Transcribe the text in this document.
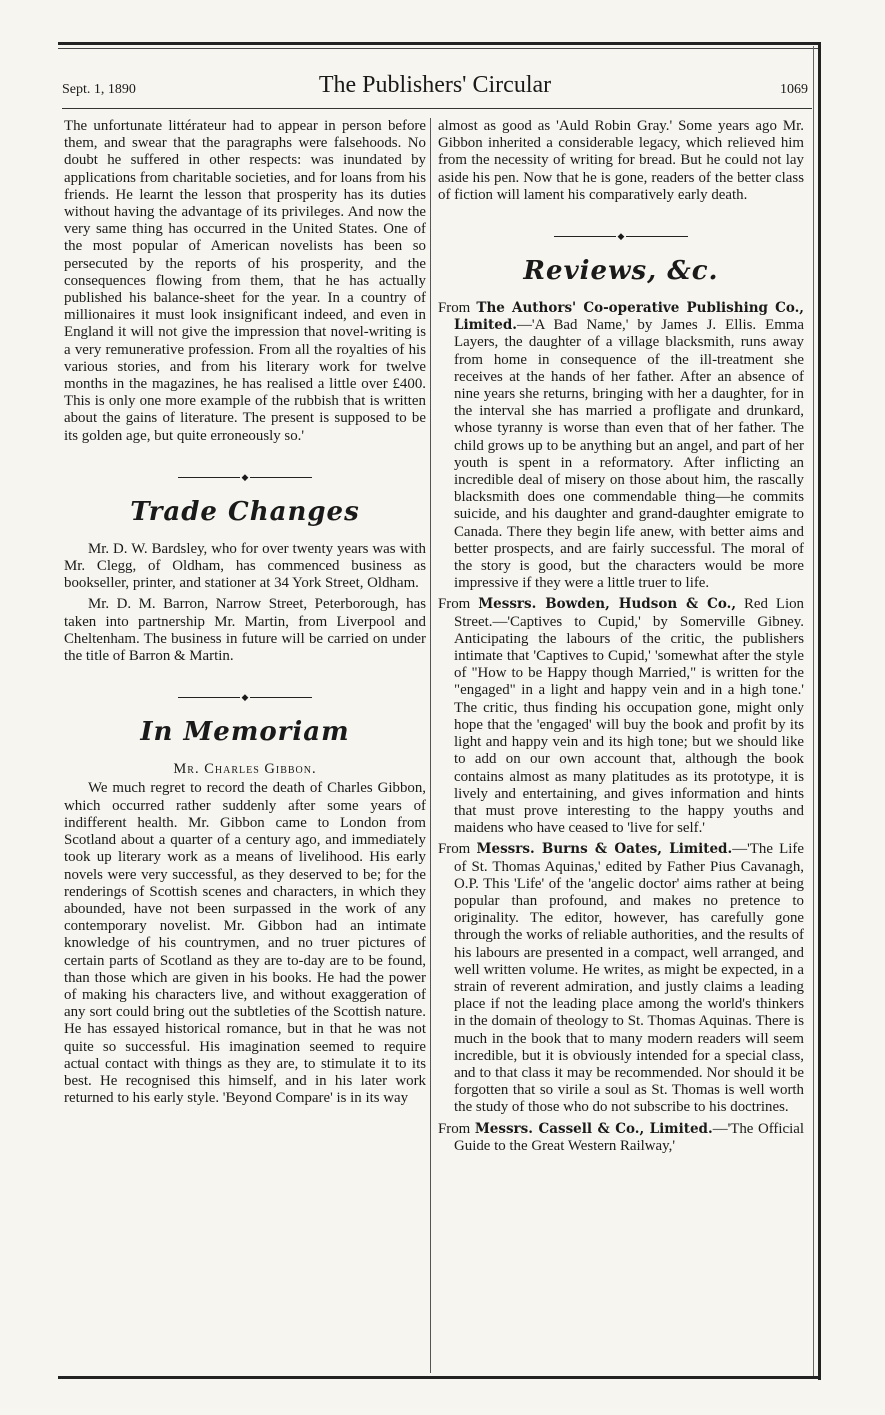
Sept. 1, 1890	The Publishers' Circular	1069

The unfortunate littérateur had to appear in person before them, and swear that the paragraphs were falsehoods. No doubt he suffered in other respects: was inundated by applications from charitable societies, and for loans from his friends. He learnt the lesson that prosperity has its duties without having the advantage of its privileges. And now the very same thing has occurred in the United States. One of the most popular of American novelists has been so persecuted by the reports of his prosperity, and the consequences flowing from them, that he has actually published his balance-sheet for the year. In a country of millionaires it must look insignificant indeed, and even in England it will not give the impression that novel-writing is a very remunerative profession. From all the royalties of his various stories, and from his literary work for twelve months in the magazines, he has realised a little over £400. This is only one more example of the rubbish that is written about the gains of literature. The present is supposed to be its golden age, but quite erroneously so.'

◆
Trade Changes

Mr. D. W. Bardsley, who for over twenty years was with Mr. Clegg, of Oldham, has commenced business as bookseller, printer, and stationer at 34 York Street, Oldham.

Mr. D. M. Barron, Narrow Street, Peterborough, has taken into partnership Mr. Martin, from Liverpool and Cheltenham. The business in future will be carried on under the title of Barron & Martin.

◆
In Memoriam
Mr. Charles Gibbon.

We much regret to record the death of Charles Gibbon, which occurred rather suddenly after some years of indifferent health. Mr. Gibbon came to London from Scotland about a quarter of a century ago, and immediately took up literary work as a means of livelihood. His early novels were very successful, as they deserved to be; for the renderings of Scottish scenes and characters, in which they abounded, have not been surpassed in the work of any contemporary novelist. Mr. Gibbon had an intimate knowledge of his countrymen, and no truer pictures of certain parts of Scotland as they are to-day are to be found, than those which are given in his books. He had the power of making his characters live, and without exaggeration of any sort could bring out the subtleties of the Scottish nature. He has essayed historical romance, but in that he was not quite so successful. His imagination seemed to require actual contact with things as they are, to stimulate it to its best. He recognised this himself, and in his later work returned to his early style. 'Beyond Compare' is in its way

almost as good as 'Auld Robin Gray.' Some years ago Mr. Gibbon inherited a considerable legacy, which relieved him from the necessity of writing for bread. But he could not lay aside his pen. Now that he is gone, readers of the better class of fiction will lament his comparatively early death.

◆
Reviews, &c.

From The Authors' Co-operative Publishing Co., Limited.—'A Bad Name,' by James J. Ellis. Emma Layers, the daughter of a village blacksmith, runs away from home in consequence of the ill-treatment she receives at the hands of her father. After an absence of nine years she returns, bringing with her a daughter, for in the interval she has married a profligate and drunkard, whose tyranny is worse than even that of her father. The child grows up to be anything but an angel, and part of her youth is spent in a reformatory. After inflicting an incredible deal of misery on those about him, the rascally blacksmith does one commendable thing—he commits suicide, and his daughter and grand-daughter emigrate to Canada. There they begin life anew, with better aims and better prospects, and are fairly successful. The moral of the story is good, but the characters would be more impressive if they were a little truer to life.

From Messrs. Bowden, Hudson & Co., Red Lion Street.—'Captives to Cupid,' by Somerville Gibney. Anticipating the labours of the critic, the publishers intimate that 'Captives to Cupid,' 'somewhat after the style of "How to be Happy though Married," is written for the "engaged" in a light and happy vein and in a high tone.' The critic, thus finding his occupation gone, might only hope that the 'engaged' will buy the book and profit by its light and happy vein and its high tone; but we should like to add on our own account that, although the book contains almost as many platitudes as its prototype, it is lively and entertaining, and gives information and hints that must prove interesting to the happy youths and maidens who have ceased to 'live for self.'

From Messrs. Burns & Oates, Limited.—'The Life of St. Thomas Aquinas,' edited by Father Pius Cavanagh, O.P. This 'Life' of the 'angelic doctor' aims rather at being popular than profound, and makes no pretence to originality. The editor, however, has carefully gone through the works of reliable authorities, and the results of his labours are presented in a compact, well arranged, and well written volume. He writes, as might be expected, in a strain of reverent admiration, and justly claims a leading place if not the leading place among the world's thinkers in the domain of theology to St. Thomas Aquinas. There is much in the book that to many modern readers will seem incredible, but it is obviously intended for a special class, and to that class it may be recommended. Nor should it be forgotten that so virile a soul as St. Thomas is well worth the study of those who do not subscribe to his doctrines.

From Messrs. Cassell & Co., Limited.—'The Official Guide to the Great Western Railway,'
